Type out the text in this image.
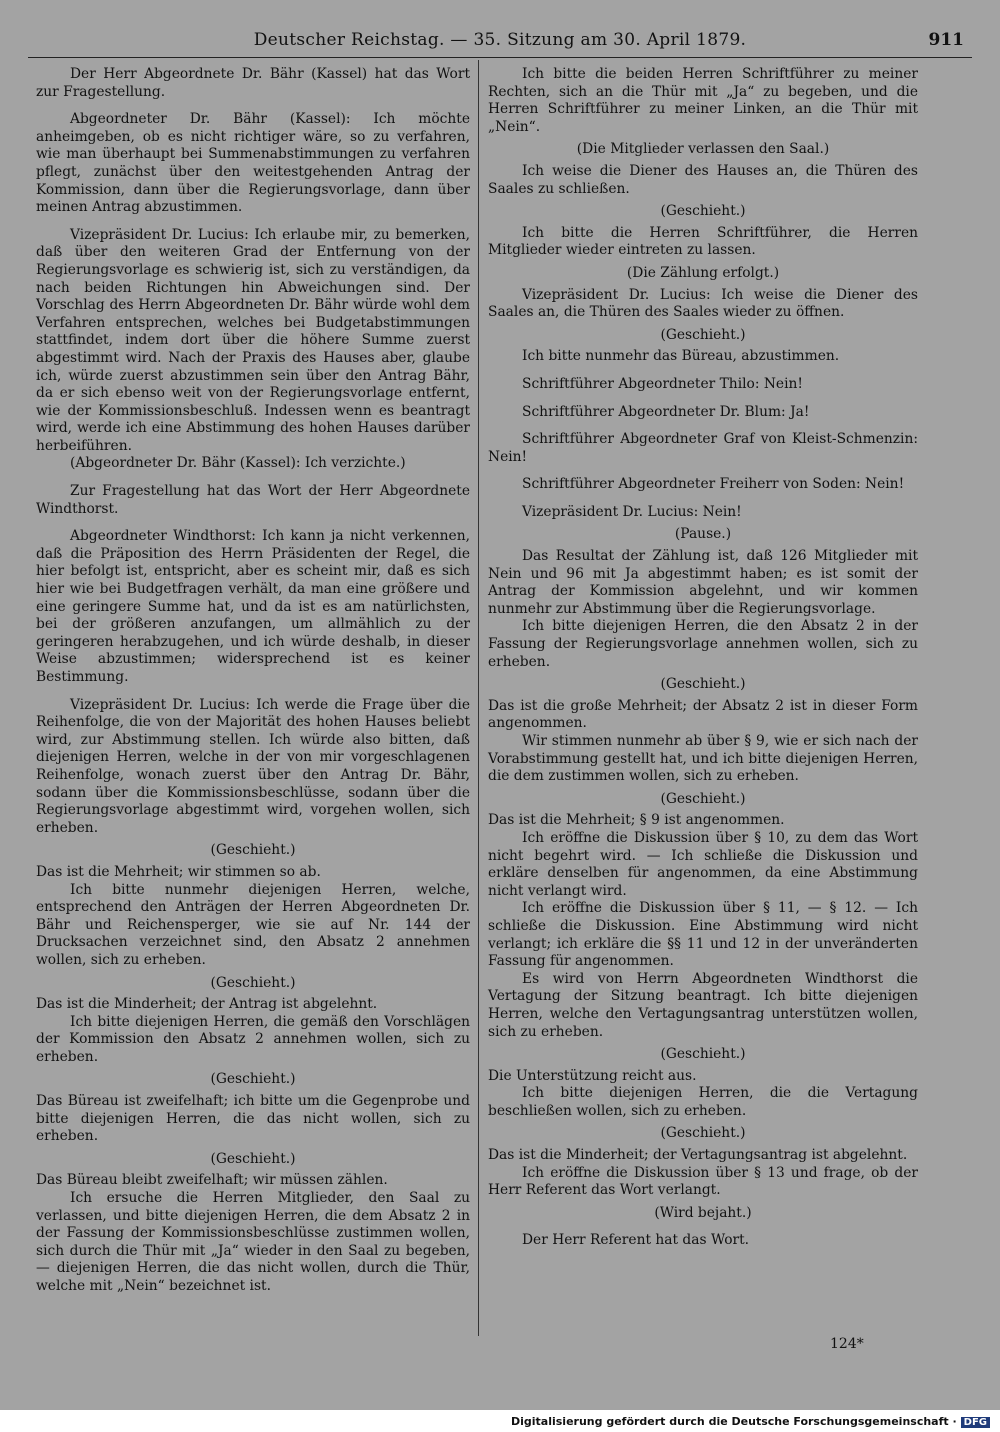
Deutscher Reichstag. — 35. Sitzung am 30. April 1879.	911

Der Herr Abgeordnete Dr. Bähr (Kassel) hat das Wort zur Fragestellung.

Abgeordneter Dr. Bähr (Kassel): Ich möchte anheimgeben, ob es nicht richtiger wäre, so zu verfahren, wie man überhaupt bei Summenabstimmungen zu verfahren pflegt, zunächst über den weitestgehenden Antrag der Kommission, dann über die Regierungsvorlage, dann über meinen Antrag abzustimmen.

Vizepräsident Dr. Lucius: Ich erlaube mir, zu bemerken, daß über den weiteren Grad der Entfernung von der Regierungsvorlage es schwierig ist, sich zu verständigen, da nach beiden Richtungen hin Abweichungen sind. Der Vorschlag des Herrn Abgeordneten Dr. Bähr würde wohl dem Verfahren entsprechen, welches bei Budgetabstimmungen stattfindet, indem dort über die höhere Summe zuerst abgestimmt wird. Nach der Praxis des Hauses aber, glaube ich, würde zuerst abzustimmen sein über den Antrag Bähr, da er sich ebenso weit von der Regierungsvorlage entfernt, wie der Kommissionsbeschluß. Indessen wenn es beantragt wird, werde ich eine Abstimmung des hohen Hauses darüber herbeiführen.

(Abgeordneter Dr. Bähr (Kassel): Ich verzichte.)

Zur Fragestellung hat das Wort der Herr Abgeordnete Windthorst.

Abgeordneter Windthorst: Ich kann ja nicht verkennen, daß die Präposition des Herrn Präsidenten der Regel, die hier befolgt ist, entspricht, aber es scheint mir, daß es sich hier wie bei Budgetfragen verhält, da man eine größere und eine geringere Summe hat, und da ist es am natürlichsten, bei der größeren anzufangen, um allmählich zu der geringeren herabzugehen, und ich würde deshalb, in dieser Weise abzustimmen; widersprechend ist es keiner Bestimmung.

Vizepräsident Dr. Lucius: Ich werde die Frage über die Reihenfolge, die von der Majorität des hohen Hauses beliebt wird, zur Abstimmung stellen. Ich würde also bitten, daß diejenigen Herren, welche in der von mir vorgeschlagenen Reihenfolge, wonach zuerst über den Antrag Dr. Bähr, sodann über die Kommissionsbeschlüsse, sodann über die Regierungsvorlage abgestimmt wird, vorgehen wollen, sich erheben.

(Geschieht.)

Das ist die Mehrheit; wir stimmen so ab.

Ich bitte nunmehr diejenigen Herren, welche, entsprechend den Anträgen der Herren Abgeordneten Dr. Bähr und Reichensperger, wie sie auf Nr. 144 der Drucksachen verzeichnet sind, den Absatz 2 annehmen wollen, sich zu erheben.

(Geschieht.)

Das ist die Minderheit; der Antrag ist abgelehnt.

Ich bitte diejenigen Herren, die gemäß den Vorschlägen der Kommission den Absatz 2 annehmen wollen, sich zu erheben.

(Geschieht.)

Das Büreau ist zweifelhaft; ich bitte um die Gegenprobe und bitte diejenigen Herren, die das nicht wollen, sich zu erheben.

(Geschieht.)

Das Büreau bleibt zweifelhaft; wir müssen zählen.

Ich ersuche die Herren Mitglieder, den Saal zu verlassen, und bitte diejenigen Herren, die dem Absatz 2 in der Fassung der Kommissionsbeschlüsse zustimmen wollen, sich durch die Thür mit „Ja“ wieder in den Saal zu begeben, — diejenigen Herren, die das nicht wollen, durch die Thür, welche mit „Nein“ bezeichnet ist.

Ich bitte die beiden Herren Schriftführer zu meiner Rechten, sich an die Thür mit „Ja“ zu begeben, und die Herren Schriftführer zu meiner Linken, an die Thür mit „Nein“.

(Die Mitglieder verlassen den Saal.)

Ich weise die Diener des Hauses an, die Thüren des Saales zu schließen.

(Geschieht.)

Ich bitte die Herren Schriftführer, die Herren Mitglieder wieder eintreten zu lassen.

(Die Zählung erfolgt.)

Vizepräsident Dr. Lucius: Ich weise die Diener des Saales an, die Thüren des Saales wieder zu öffnen.

(Geschieht.)

Ich bitte nunmehr das Büreau, abzustimmen.

Schriftführer Abgeordneter Thilo: Nein!

Schriftführer Abgeordneter Dr. Blum: Ja!

Schriftführer Abgeordneter Graf von Kleist-Schmenzin: Nein!

Schriftführer Abgeordneter Freiherr von Soden: Nein!

Vizepräsident Dr. Lucius: Nein!

(Pause.)

Das Resultat der Zählung ist, daß 126 Mitglieder mit Nein und 96 mit Ja abgestimmt haben; es ist somit der Antrag der Kommission abgelehnt, und wir kommen nunmehr zur Abstimmung über die Regierungsvorlage.

Ich bitte diejenigen Herren, die den Absatz 2 in der Fassung der Regierungsvorlage annehmen wollen, sich zu erheben.

(Geschieht.)

Das ist die große Mehrheit; der Absatz 2 ist in dieser Form angenommen.

Wir stimmen nunmehr ab über § 9, wie er sich nach der Vorabstimmung gestellt hat, und ich bitte diejenigen Herren, die dem zustimmen wollen, sich zu erheben.

(Geschieht.)

Das ist die Mehrheit; § 9 ist angenommen.

Ich eröffne die Diskussion über § 10, zu dem das Wort nicht begehrt wird. — Ich schließe die Diskussion und erkläre denselben für angenommen, da eine Abstimmung nicht verlangt wird.

Ich eröffne die Diskussion über § 11, — § 12. — Ich schließe die Diskussion. Eine Abstimmung wird nicht verlangt; ich erkläre die §§ 11 und 12 in der unveränderten Fassung für angenommen.

Es wird von Herrn Abgeordneten Windthorst die Vertagung der Sitzung beantragt. Ich bitte diejenigen Herren, welche den Vertagungsantrag unterstützen wollen, sich zu erheben.

(Geschieht.)

Die Unterstützung reicht aus.

Ich bitte diejenigen Herren, die die Vertagung beschließen wollen, sich zu erheben.

(Geschieht.)

Das ist die Minderheit; der Vertagungsantrag ist abgelehnt.

Ich eröffne die Diskussion über § 13 und frage, ob der Herr Referent das Wort verlangt.

(Wird bejaht.)

Der Herr Referent hat das Wort.

124*
Digitalisierung gefördert durch die Deutsche Forschungsgemeinschaft · DFG
